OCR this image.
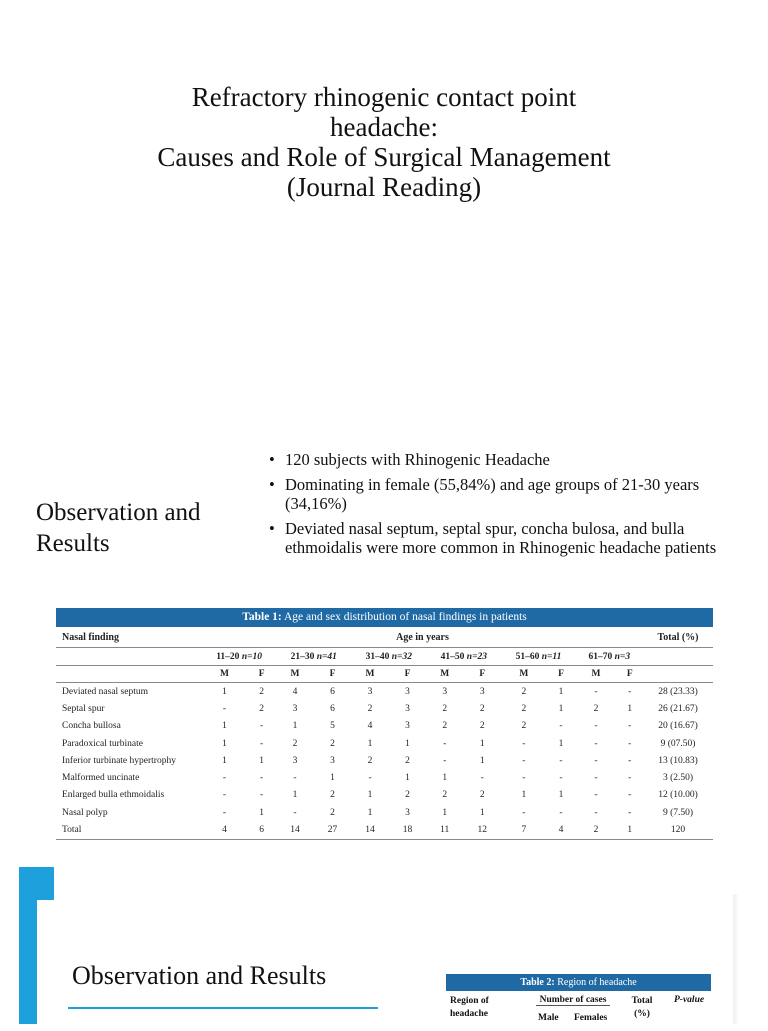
Refractory rhinogenic contact point
headache:
Causes and Role of Surgical Management
(Journal Reading)
Observation and Results
• 120 subjects with Rhinogenic Headache
• Dominating in female (55,84%) and age groups of 21-30 years (34,16%)
• Deviated nasal septum, septal spur, concha bulosa, and bulla ethmoidalis were more common in Rhinogenic headache patients
Table 1: Age and sex distribution of nasal findings in patients
Nasal finding	Age in years												Total (%)
	11–20 n=10		21–30 n=41		31–40 n=32		41–50 n=23		51–60 n=11		61–70 n=3		
	M	F	M	F	M	F	M	F	M	F	M	F	
Deviated nasal septum	1	2	4	6	3	3	3	3	2	1	-	-	28 (23.33)
Septal spur	-	2	3	6	2	3	2	2	2	1	2	1	26 (21.67)
Concha bullosa	1	-	1	5	4	3	2	2	2	-	-	-	20 (16.67)
Paradoxical turbinate	1	-	2	2	1	1	-	1	-	1	-	-	9 (07.50)
Inferior turbinate hypertrophy	1	1	3	3	2	2	-	1	-	-	-	-	13 (10.83)
Malformed uncinate	-	-	-	1	-	1	1	-	-	-	-	-	3 (2.50)
Enlarged bulla ethmoidalis	-	-	1	2	1	2	2	2	1	1	-	-	12 (10.00)
Nasal polyp	-	1	-	2	1	3	1	1	-	-	-	-	9 (7.50)
Total	4	6	14	27	14	18	11	12	7	4	2	1	120
Observation and Results	Table 2: Region of headache
Region of headache
Number of cases
Male Females
Total (%)
P-value
